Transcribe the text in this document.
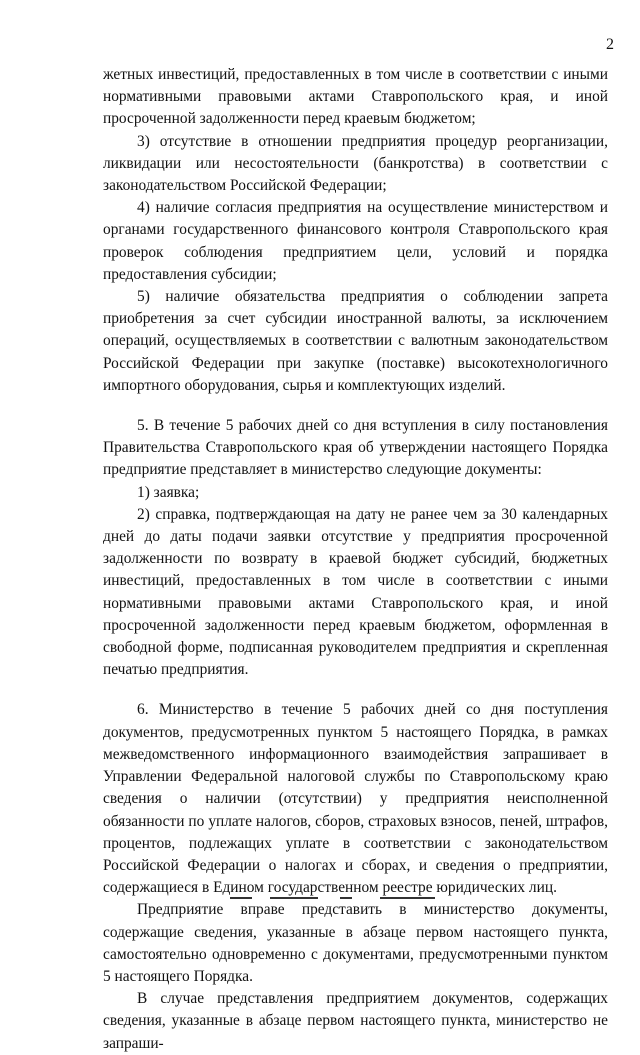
2

жетных инвестиций, предоставленных в том числе в соответствии с иными нормативными правовыми актами Ставропольского края, и иной просроченной задолженности перед краевым бюджетом;

3) отсутствие в отношении предприятия процедур реорганизации, ликвидации или несостоятельности (банкротства) в соответствии с законодательством Российской Федерации;

4) наличие согласия предприятия на осуществление министерством и органами государственного финансового контроля Ставропольского края проверок соблюдения предприятием цели, условий и порядка предоставления субсидии;

5) наличие обязательства предприятия о соблюдении запрета приобретения за счет субсидии иностранной валюты, за исключением операций, осуществляемых в соответствии с валютным законодательством Российской Федерации при закупке (поставке) высокотехнологичного импортного оборудования, сырья и комплектующих изделий.

5. В течение 5 рабочих дней со дня вступления в силу постановления Правительства Ставропольского края об утверждении настоящего Порядка предприятие представляет в министерство следующие документы:

1) заявка;

2) справка, подтверждающая на дату не ранее чем за 30 календарных дней до даты подачи заявки отсутствие у предприятия просроченной задолженности по возврату в краевой бюджет субсидий, бюджетных инвестиций, предоставленных в том числе в соответствии с иными нормативными правовыми актами Ставропольского края, и иной просроченной задолженности перед краевым бюджетом, оформленная в свободной форме, подписанная руководителем предприятия и скрепленная печатью предприятия.

6. Министерство в течение 5 рабочих дней со дня поступления документов, предусмотренных пунктом 5 настоящего Порядка, в рамках межведомственного информационного взаимодействия запрашивает в Управлении Федеральной налоговой службы по Ставропольскому краю сведения о наличии (отсутствии) у предприятия неисполненной обязанности по уплате налогов, сборов, страховых взносов, пеней, штрафов, процентов, подлежащих уплате в соответствии с законодательством Российской Федерации о налогах и сборах, и сведения о предприятии, содержащиеся в Едином государственном реестре юридических лиц.

Предприятие вправе представить в министерство документы, содержащие сведения, указанные в абзаце первом настоящего пункта, самостоятельно одновременно с документами, предусмотренными пунктом 5 настоящего Порядка.

В случае представления предприятием документов, содержащих сведения, указанные в абзаце первом настоящего пункта, министерство не запраши-
